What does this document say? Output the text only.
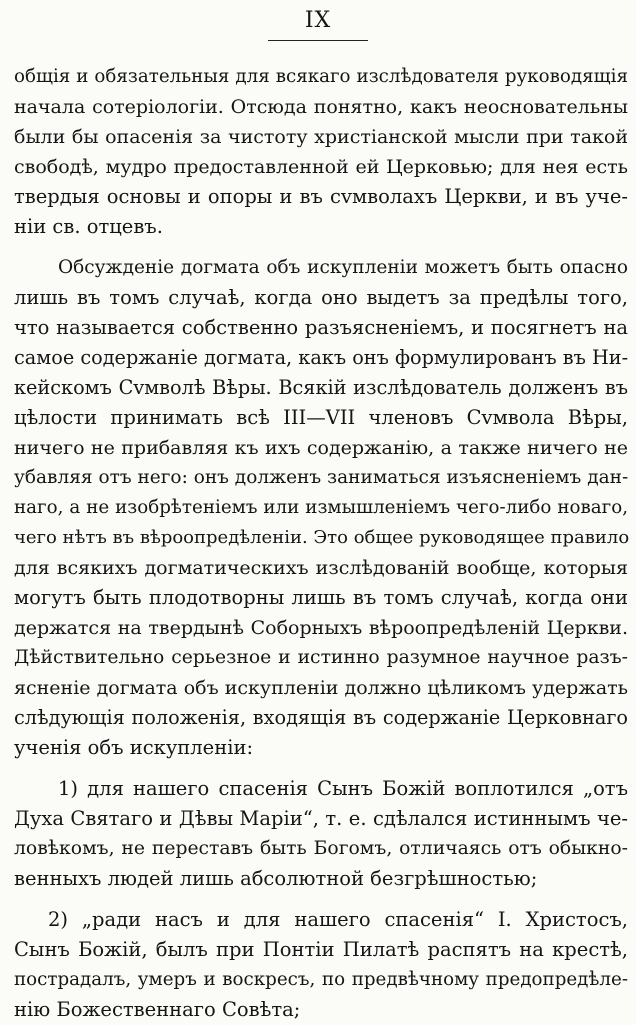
IX
общія и обязательныя для всякаго изслѣдователя руководящія
начала сотеріологіи. Отсюда понятно, какъ неосновательны
были бы опасенія за чистоту христіанской мысли при такой
свободѣ, мудро предоставленной ей Церковью; для нея есть
твердыя основы и опоры и въ сvмволахъ Церкви, и въ уче-
ніи св. отцевъ.
Обсужденіе догмата объ искупленіи можетъ быть опасно
лишь въ томъ случаѣ, когда оно выдетъ за предѣлы того,
что называется собственно разъясненіемъ, и посягнетъ на
самое содержаніе догмата, какъ онъ формулированъ въ Ни-
кейскомъ Сvмволѣ Вѣры. Всякій изслѣдователь долженъ въ
цѣлости принимать всѣ III—VII членовъ Сvмвола Вѣры,
ничего не прибавляя къ ихъ содержанію, а также ничего не
убавляя отъ него: онъ долженъ заниматься изъясненіемъ дан-
наго, а не изобрѣтеніемъ или измышленіемъ чего-либо новаго,
чего нѣтъ въ вѣроопредѣленіи. Это общее руководящее правило
для всякихъ догматическихъ изслѣдованій вообще, которыя
могутъ быть плодотворны лишь въ томъ случаѣ, когда они
держатся на твердынѣ Соборныхъ вѣроопредѣленій Церкви.
Дѣйствительно серьезное и истинно разумное научное разъ-
ясненіе догмата объ искупленіи должно цѣликомъ удержать
слѣдующія положенія, входящія въ содержаніе Церковнаго
ученія объ искупленіи:
1) для нашего спасенія Сынъ Божій воплотился „отъ
Духа Святаго и Дѣвы Маріи“, т. е. сдѣлался истиннымъ че-
ловѣкомъ, не переставъ быть Богомъ, отличаясь отъ обыкно-
венныхъ людей лишь абсолютной безгрѣшностью;
2) „ради насъ и для нашего спасенія“ І. Христосъ,
Сынъ Божій, былъ при Понтіи Пилатѣ распятъ на крестѣ,
пострадалъ, умеръ и воскресъ, по предвѣчному предопредѣле-
нію Божественнаго Совѣта;
